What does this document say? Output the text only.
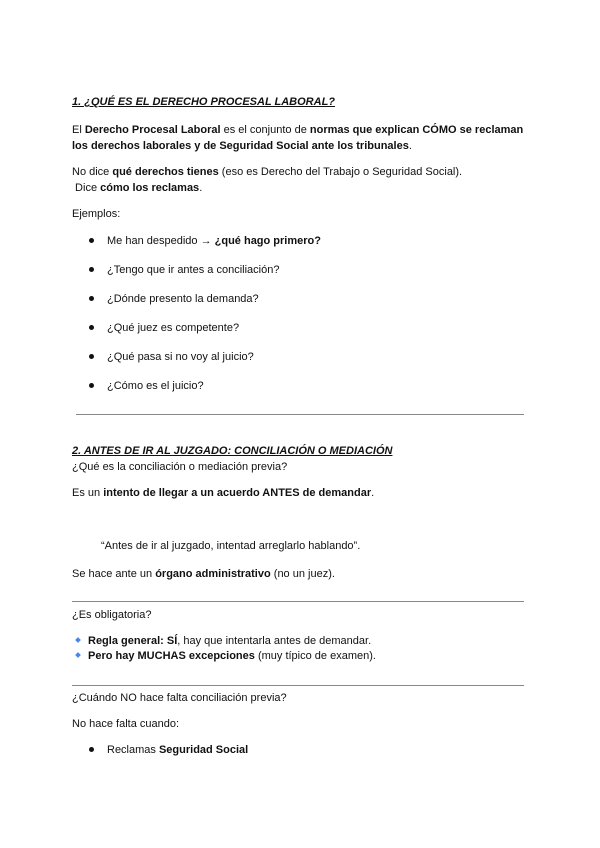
1. ¿QUÉ ES EL DERECHO PROCESAL LABORAL?
El Derecho Procesal Laboral es el conjunto de normas que explican CÓMO se reclaman
los derechos laborales y de Seguridad Social ante los tribunales.
No dice qué derechos tienes (eso es Derecho del Trabajo o Seguridad Social).
Dice cómo los reclamas.
Ejemplos:
Me han despedido → ¿qué hago primero?
¿Tengo que ir antes a conciliación?
¿Dónde presento la demanda?
¿Qué juez es competente?
¿Qué pasa si no voy al juicio?
¿Cómo es el juicio?
2. ANTES DE IR AL JUZGADO: CONCILIACIÓN O MEDIACIÓN
¿Qué es la conciliación o mediación previa?
Es un intento de llegar a un acuerdo ANTES de demandar.
“Antes de ir al juzgado, intentad arreglarlo hablando”.
Se hace ante un órgano administrativo (no un juez).
¿Es obligatoria?
Regla general: SÍ, hay que intentarla antes de demandar.
Pero hay MUCHAS excepciones (muy típico de examen).
¿Cuándo NO hace falta conciliación previa?
No hace falta cuando:
Reclamas Seguridad Social
